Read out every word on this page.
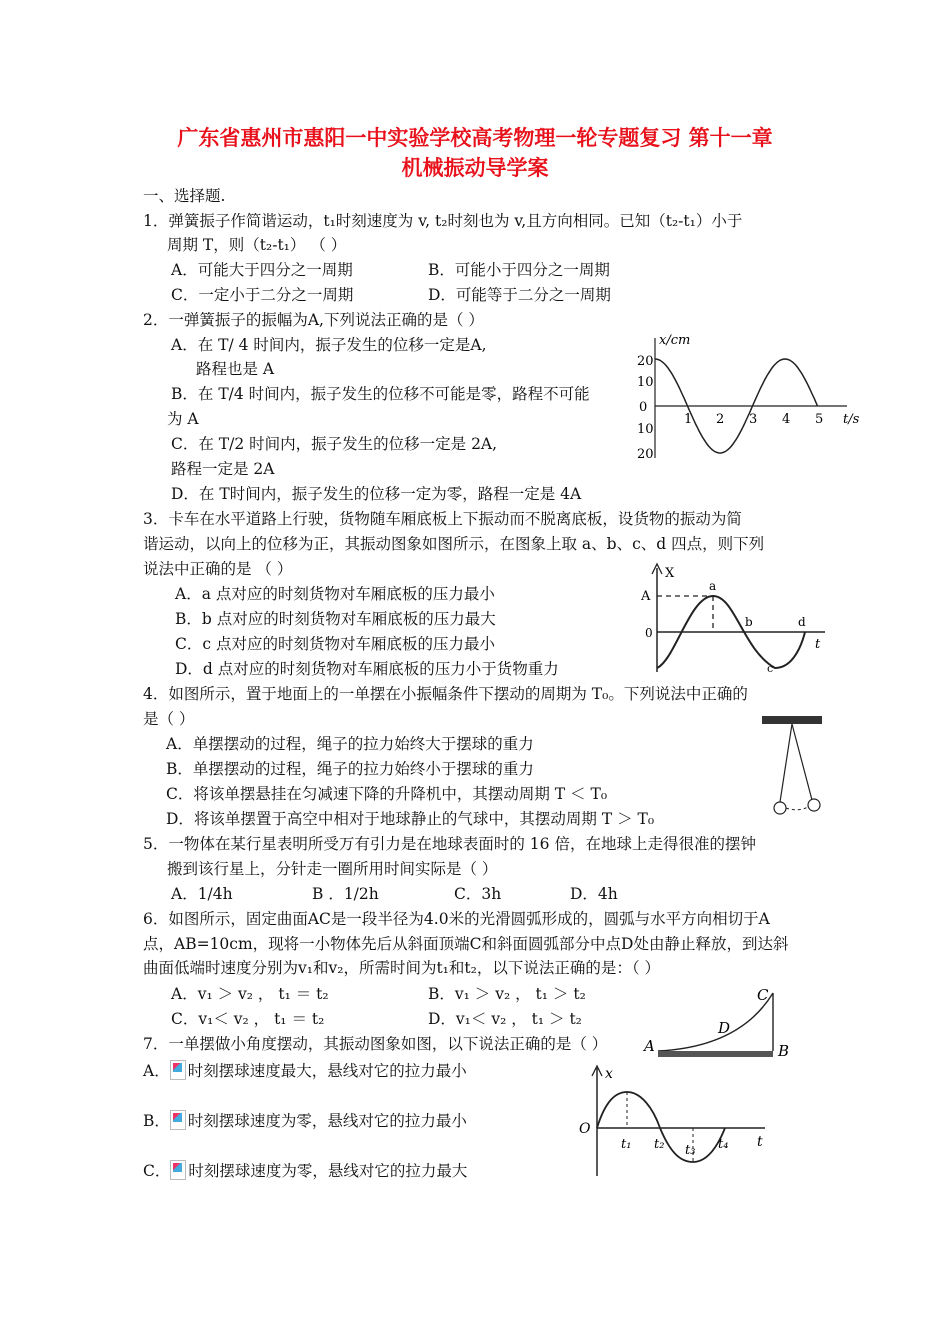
广东省惠州市惠阳一中实验学校高考物理一轮专题复习 第十一章
机械振动导学案
一、选择题.
1．弹簧振子作简谐运动，t₁时刻速度为 v, t₂时刻也为 v,且方向相同。已知（t₂-t₁）小于
周期 T，则（t₂-t₁） （ ）
A．可能大于四分之一周期	B．可能小于四分之一周期
C．一定小于二分之一周期	D．可能等于二分之一周期
2．一弹簧振子的振幅为A,下列说法正确的是（ ）
A．在 T/ 4 时间内，振子发生的位移一定是A,
路程也是 A
B．在 T/4 时间内，振子发生的位移不可能是零，路程不可能
为 A
C．在 T/2 时间内，振子发生的位移一定是 2A,
路程一定是 2A
D．在 T时间内，振子发生的位移一定为零，路程一定是 4A
3．卡车在水平道路上行驶，货物随车厢底板上下振动而不脱离底板，设货物的振动为简
谐运动，以向上的位移为正，其振动图象如图所示，在图象上取 a、b、c、d 四点，则下列
说法中正确的是 （ ）
A．a 点对应的时刻货物对车厢底板的压力最小
B．b 点对应的时刻货物对车厢底板的压力最大
C．c 点对应的时刻货物对车厢底板的压力最小
D．d 点对应的时刻货物对车厢底板的压力小于货物重力
4．如图所示，置于地面上的一单摆在小振幅条件下摆动的周期为 T₀。下列说法中正确的
是（ ）
A．单摆摆动的过程，绳子的拉力始终大于摆球的重力
B．单摆摆动的过程，绳子的拉力始终小于摆球的重力
C．将该单摆悬挂在匀减速下降的升降机中，其摆动周期 T ＜ T₀
D．将该单摆置于高空中相对于地球静止的气球中，其摆动周期 T ＞ T₀
5．一物体在某行星表明所受万有引力是在地球表面时的 16 倍，在地球上走得很准的摆钟
搬到该行星上，分针走一圈所用时间实际是（ ）
A．1/4h	B ．1/2h	C．3h	D．4h
6．如图所示，固定曲面AC是一段半径为4.0米的光滑圆弧形成的，圆弧与水平方向相切于A
点，AB=10cm，现将一小物体先后从斜面顶端C和斜面圆弧部分中点D处由静止释放，到达斜
曲面低端时速度分别为v₁和v₂，所需时间为t₁和t₂，以下说法正确的是：（ ）
A．v₁ ＞ v₂ ， t₁ ＝ t₂	B．v₁ ＞ v₂ ， t₁ ＞ t₂
C．v₁＜ v₂ ， t₁ ＝ t₂	D．v₁＜ v₂ ， t₁ ＞ t₂
7．一单摆做小角度摆动，其振动图象如图，以下说法正确的是（ ）
A． 时刻摆球速度最大，悬线对它的拉力最小
B． 时刻摆球速度为零，悬线对它的拉力最小
C． 时刻摆球速度为零，悬线对它的拉力最大
x/cm
t/s
20
10
0
10
20
1 2 3 4 5
X
t
A
0
a
b
c
d
A	B
C
D
x
t
O
t₁ t₂ t₃ t₄
